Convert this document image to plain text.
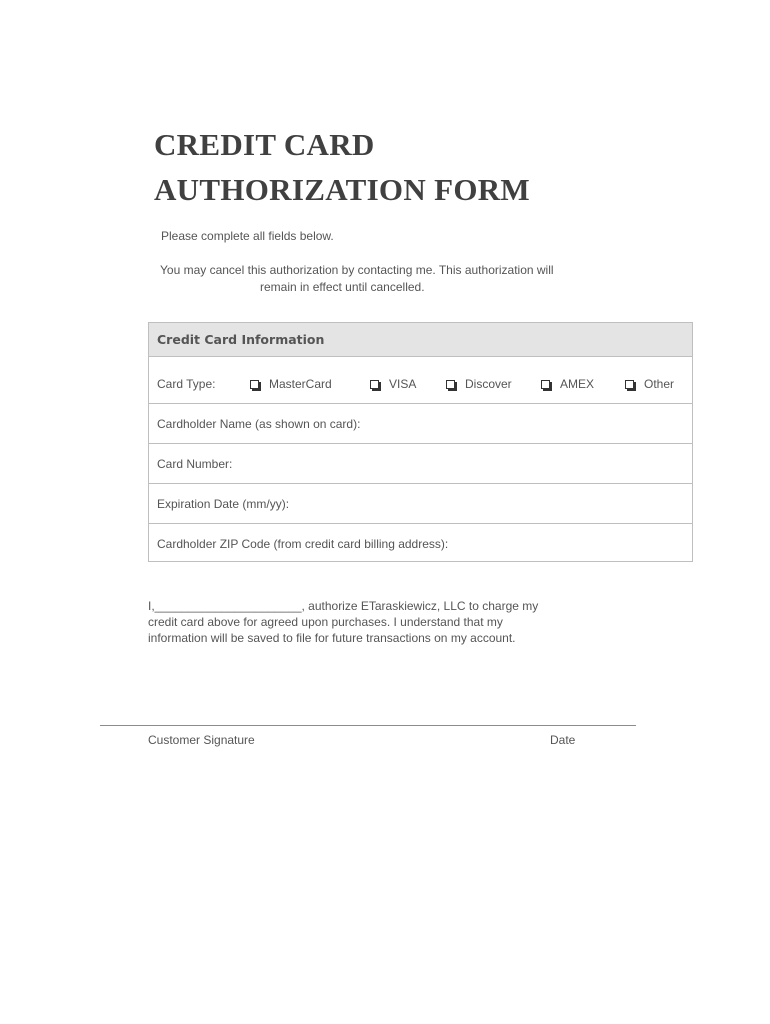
CREDIT CARD
AUTHORIZATION FORM
Please complete all fields below.
You may cancel this authorization by contacting me. This authorization will
remain in effect until cancelled.
Credit Card Information
Card Type:	MasterCard	VISA	Discover	AMEX	Other
Cardholder Name (as shown on card):
Card Number:
Expiration Date (mm/yy):
Cardholder ZIP Code (from credit card billing address):
I,______________________, authorize ETaraskiewicz, LLC to charge my
credit card above for agreed upon purchases. I understand that my
information will be saved to file for future transactions on my account.
Customer Signature	Date
